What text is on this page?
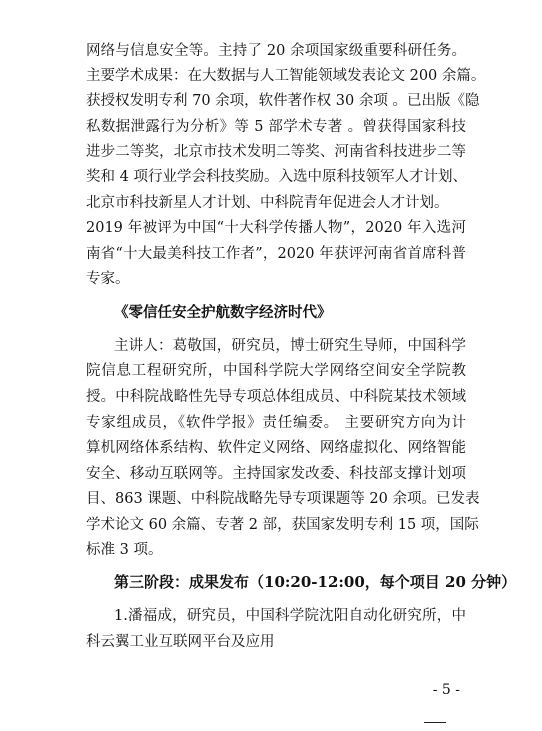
网络与信息安全等。主持了 20 余项国家级重要科研任务。
主要学术成果：在大数据与人工智能领域发表论文 200 余篇。
获授权发明专利 70 余项，软件著作权 30 余项 。已出版《隐
私数据泄露行为分析》等 5 部学术专著 。曾获得国家科技
进步二等奖，北京市技术发明二等奖、河南省科技进步二等
奖和 4 项行业学会科技奖励。入选中原科技领军人才计划、
北京市科技新星人才计划、中科院青年促进会人才计划。
2019 年被评为中国“十大科学传播人物”，2020 年入选河
南省“十大最美科技工作者”，2020 年获评河南省首席科普
专家。
《零信任安全护航数字经济时代》
主讲人：葛敬国，研究员，博士研究生导师，中国科学
院信息工程研究所，中国科学院大学网络空间安全学院教
授。中科院战略性先导专项总体组成员、中科院某技术领域
专家组成员，《软件学报》责任编委。 主要研究方向为计
算机网络体系结构、软件定义网络、网络虚拟化、网络智能
安全、移动互联网等。主持国家发改委、科技部支撑计划项
目、863 课题、中科院战略先导专项课题等 20 余项。已发表
学术论文 60 余篇、专著 2 部，获国家发明专利 15 项，国际
标准 3 项。
第三阶段：成果发布（10:20-12:00，每个项目 20 分钟）
1.潘福成，研究员，中国科学院沈阳自动化研究所，中
科云翼工业互联网平台及应用
- 5 -
